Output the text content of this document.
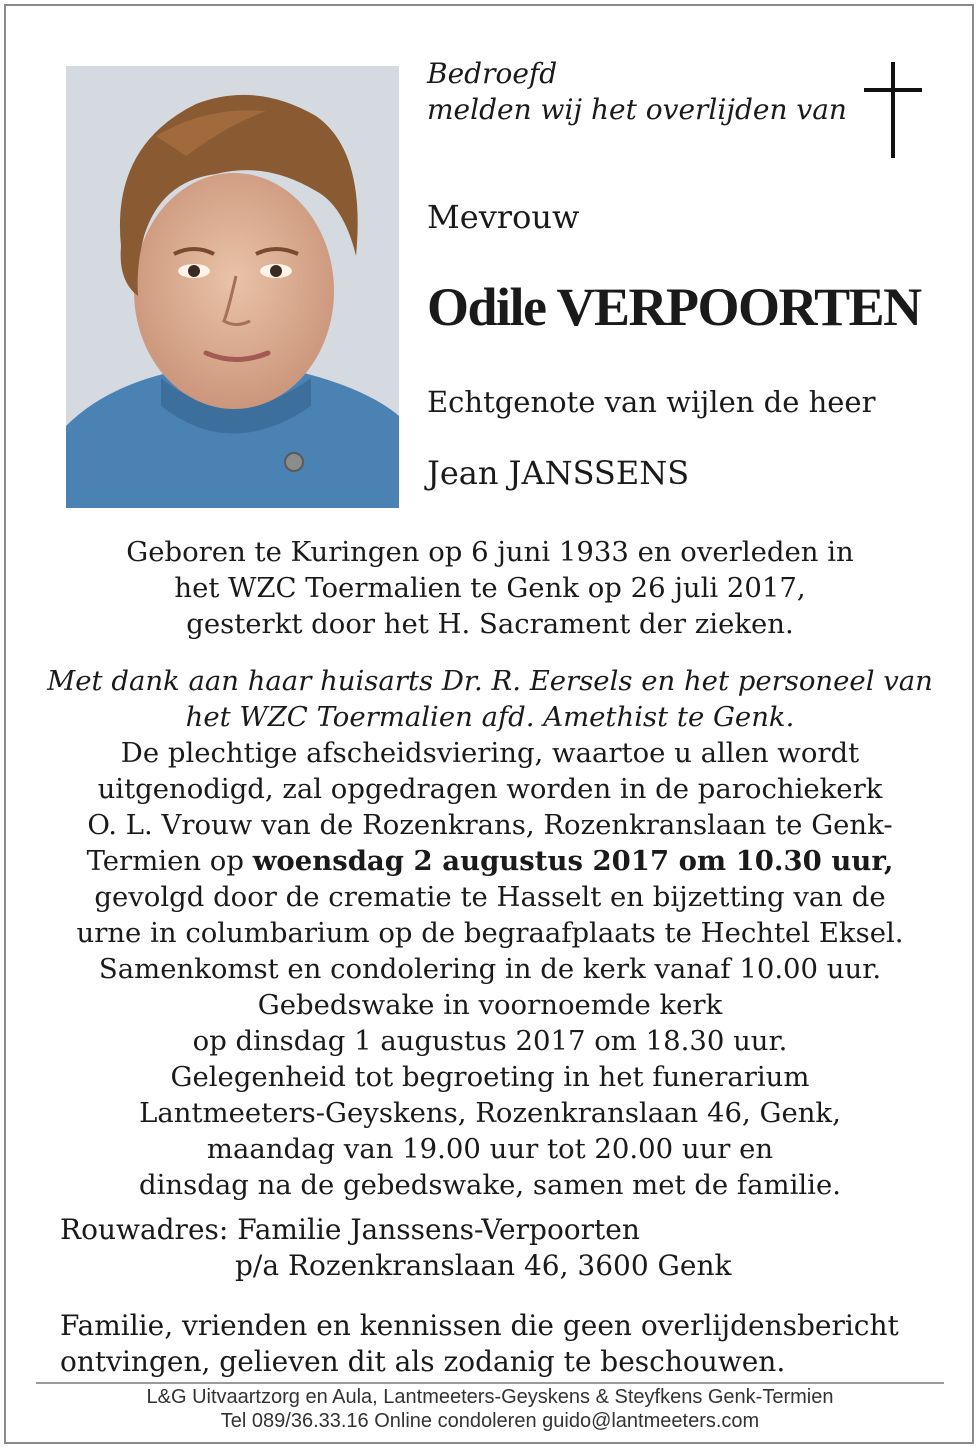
Bedroefd
melden wij het overlijden van
Mevrouw
Odile VERPOORTEN
Echtgenote van wijlen de heer
Jean JANSSENS
Geboren te Kuringen op 6 juni 1933 en overleden in
het WZC Toermalien te Genk op 26 juli 2017,
gesterkt door het H. Sacrament der zieken.
Met dank aan haar huisarts Dr. R. Eersels en het personeel van
het WZC Toermalien afd. Amethist te Genk.
De plechtige afscheidsviering, waartoe u allen wordt
uitgenodigd, zal opgedragen worden in de parochiekerk
O. L. Vrouw van de Rozenkrans, Rozenkranslaan te Genk-
Termien op woensdag 2 augustus 2017 om 10.30 uur,
gevolgd door de crematie te Hasselt en bijzetting van de
urne in columbarium op de begraafplaats te Hechtel Eksel.
Samenkomst en condolering in de kerk vanaf 10.00 uur.
Gebedswake in voornoemde kerk
op dinsdag 1 augustus 2017 om 18.30 uur.
Gelegenheid tot begroeting in het funerarium
Lantmeeters-Geyskens, Rozenkranslaan 46, Genk,
maandag van 19.00 uur tot 20.00 uur en
dinsdag na de gebedswake, samen met de familie.
Rouwadres: Familie Janssens-Verpoorten
p/a Rozenkranslaan 46, 3600 Genk
Familie, vrienden en kennissen die geen overlijdensbericht
ontvingen, gelieven dit als zodanig te beschouwen.
L&G Uitvaartzorg en Aula, Lantmeeters-Geyskens & Steyfkens Genk-Termien
Tel 089/36.33.16 Online condoleren guido@lantmeeters.com
